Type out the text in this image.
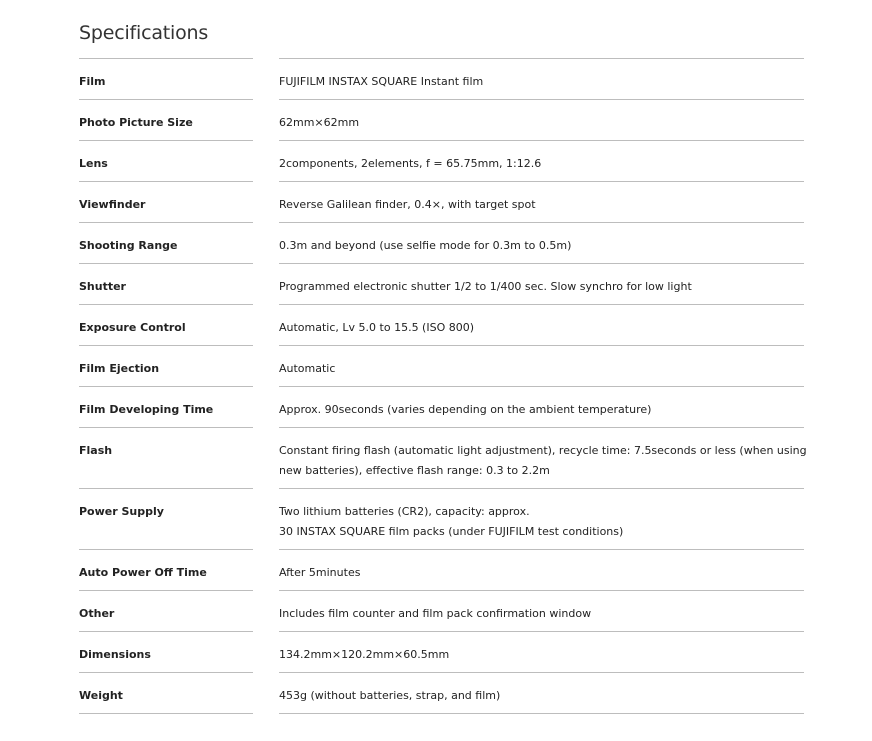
Specifications
Film	FUJIFILM INSTAX SQUARE Instant film
Photo Picture Size	62mm×62mm
Lens	2components, 2elements, f = 65.75mm, 1:12.6
Viewfinder	Reverse Galilean finder, 0.4×, with target spot
Shooting Range	0.3m and beyond (use selfie mode for 0.3m to 0.5m)
Shutter	Programmed electronic shutter 1/2 to 1/400 sec. Slow synchro for low light
Exposure Control	Automatic, Lv 5.0 to 15.5 (ISO 800)
Film Ejection	Automatic
Film Developing Time	Approx. 90seconds (varies depending on the ambient temperature)
Flash	Constant firing flash (automatic light adjustment), recycle time: 7.5seconds or less (when using
new batteries), effective flash range: 0.3 to 2.2m
Power Supply	Two lithium batteries (CR2), capacity: approx.
30 INSTAX SQUARE film packs (under FUJIFILM test conditions)
Auto Power Off Time	After 5minutes
Other	Includes film counter and film pack confirmation window
Dimensions	134.2mm×120.2mm×60.5mm
Weight	453g (without batteries, strap, and film)
